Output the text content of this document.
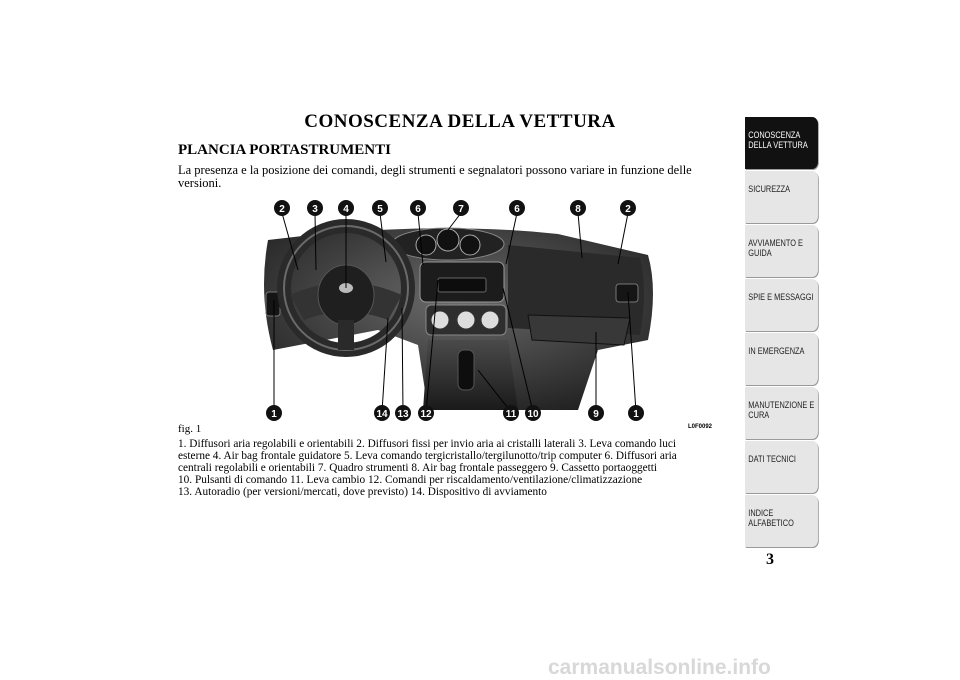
CONOSCENZA DELLA VETTURA
PLANCIA PORTASTRUMENTI
La presenza e la posizione dei comandi, degli strumenti e segnalatori possono variare in funzione delle versioni.
2	3	4	5	6	7	6	8	2
1	14 13 12	11 10	9	1
fig. 1	L0F0092
1. Diffusori aria regolabili e orientabili 2. Diffusori fissi per invio aria ai cristalli laterali 3. Leva comando luci
esterne 4. Air bag frontale guidatore 5. Leva comando tergicristallo/tergilunotto/trip computer 6. Diffusori aria
centrali regolabili e orientabili 7. Quadro strumenti 8. Air bag frontale passeggero 9. Cassetto portaoggetti
10. Pulsanti di comando 11. Leva cambio 12. Comandi per riscaldamento/ventilazione/climatizzazione
13. Autoradio (per versioni/mercati, dove previsto) 14. Dispositivo di avviamento
CONOSCENZA
DELLA VETTURA
SICUREZZA
AVVIAMENTO E
GUIDA
SPIE E MESSAGGI
IN EMERGENZA
MANUTENZIONE E
CURA
DATI TECNICI
INDICE
ALFABETICO
3
carmanualsonline.info
